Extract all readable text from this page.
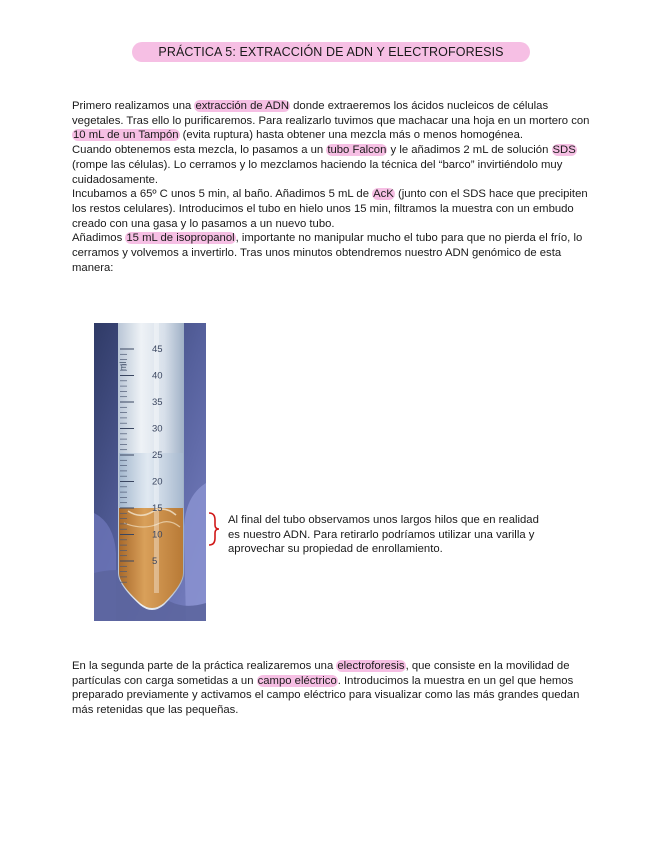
PRÁCTICA 5: EXTRACCIÓN DE ADN Y ELECTROFORESIS

Primero realizamos una extracción de ADN donde extraeremos los ácidos nucleicos de células vegetales. Tras ello lo purificaremos. Para realizarlo tuvimos que machacar una hoja en un mortero con 10 mL de un Tampón (evita ruptura) hasta obtener una mezcla más o menos homogénea.
Cuando obtenemos esta mezcla, lo pasamos a un tubo Falcon y le añadimos 2 mL de solución SDS (rompe las células). Lo cerramos y lo mezclamos haciendo la técnica del “barco” invirtiéndolo muy cuidadosamente.
Incubamos a 65º C unos 5 min, al baño. Añadimos 5 mL de AcK (junto con el SDS hace que precipiten los restos celulares). Introducimos el tubo en hielo unos 15 min, filtramos la muestra con un embudo creado con una gasa y lo pasamos a un nuevo tubo.
Añadimos 15 mL de isopropanol, importante no manipular mucho el tubo para que no pierda el frío, lo cerramos y volvemos a invertirlo. Tras unos minutos obtendremos nuestro ADN genómico de esta manera:

ml
45
40
35
30
25
20
15
10
5

Al final del tubo observamos unos largos hilos que en realidad es nuestro ADN. Para retirarlo podríamos utilizar una varilla y aprovechar su propiedad de enrollamiento.

En la segunda parte de la práctica realizaremos una electroforesis, que consiste en la movilidad de partículas con carga sometidas a un campo eléctrico. Introducimos la muestra en un gel que hemos preparado previamente y activamos el campo eléctrico para visualizar como las más grandes quedan más retenidas que las pequeñas.
